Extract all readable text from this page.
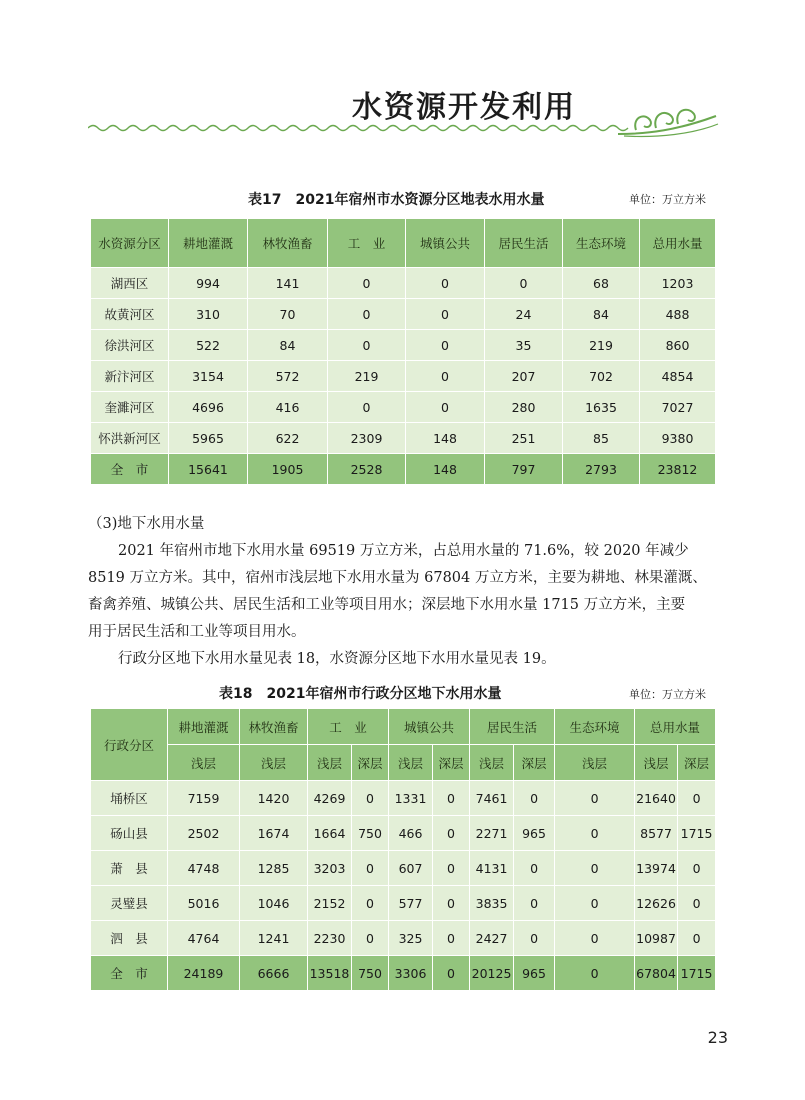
水资源开发利用
表17　2021年宿州市水资源分区地表水用水量	单位：万立方米
水资源分区	耕地灌溉	林牧渔畜	工　业	城镇公共	居民生活	生态环境	总用水量
湖西区	994	141	0	0	0	68	1203
故黄河区	310	70	0	0	24	84	488
徐洪河区	522	84	0	0	35	219	860
新汴河区	3154	572	219	0	207	702	4854
奎濉河区	4696	416	0	0	280	1635	7027
怀洪新河区	5965	622	2309	148	251	85	9380
全　市	15641	1905	2528	148	797	2793	23812
（3)地下水用水量
2021 年宿州市地下水用水量 69519 万立方米，占总用水量的 71.6%，较 2020 年减少
8519 万立方米。其中，宿州市浅层地下水用水量为 67804 万立方米，主要为耕地、林果灌溉、
畜禽养殖、城镇公共、居民生活和工业等项目用水；深层地下水用水量 1715 万立方米，主要
用于居民生活和工业等项目用水。
行政分区地下水用水量见表 18，水资源分区地下水用水量见表 19。
表18　2021年宿州市行政分区地下水用水量	单位：万立方米
行政分区	耕地灌溉	林牧渔畜	工　业		城镇公共		居民生活		生态环境	总用水量	
	浅层	浅层	浅层	深层	浅层	深层	浅层	深层	浅层	浅层	深层
埇桥区	7159	1420	4269	0	1331	0	7461	0	0	21640	0
砀山县	2502	1674	1664	750	466	0	2271	965	0	8577	1715
萧　县	4748	1285	3203	0	607	0	4131	0	0	13974	0
灵璧县	5016	1046	2152	0	577	0	3835	0	0	12626	0
泗　县	4764	1241	2230	0	325	0	2427	0	0	10987	0
全　市	24189	6666	13518	750	3306	0	20125	965	0	67804	1715
23
